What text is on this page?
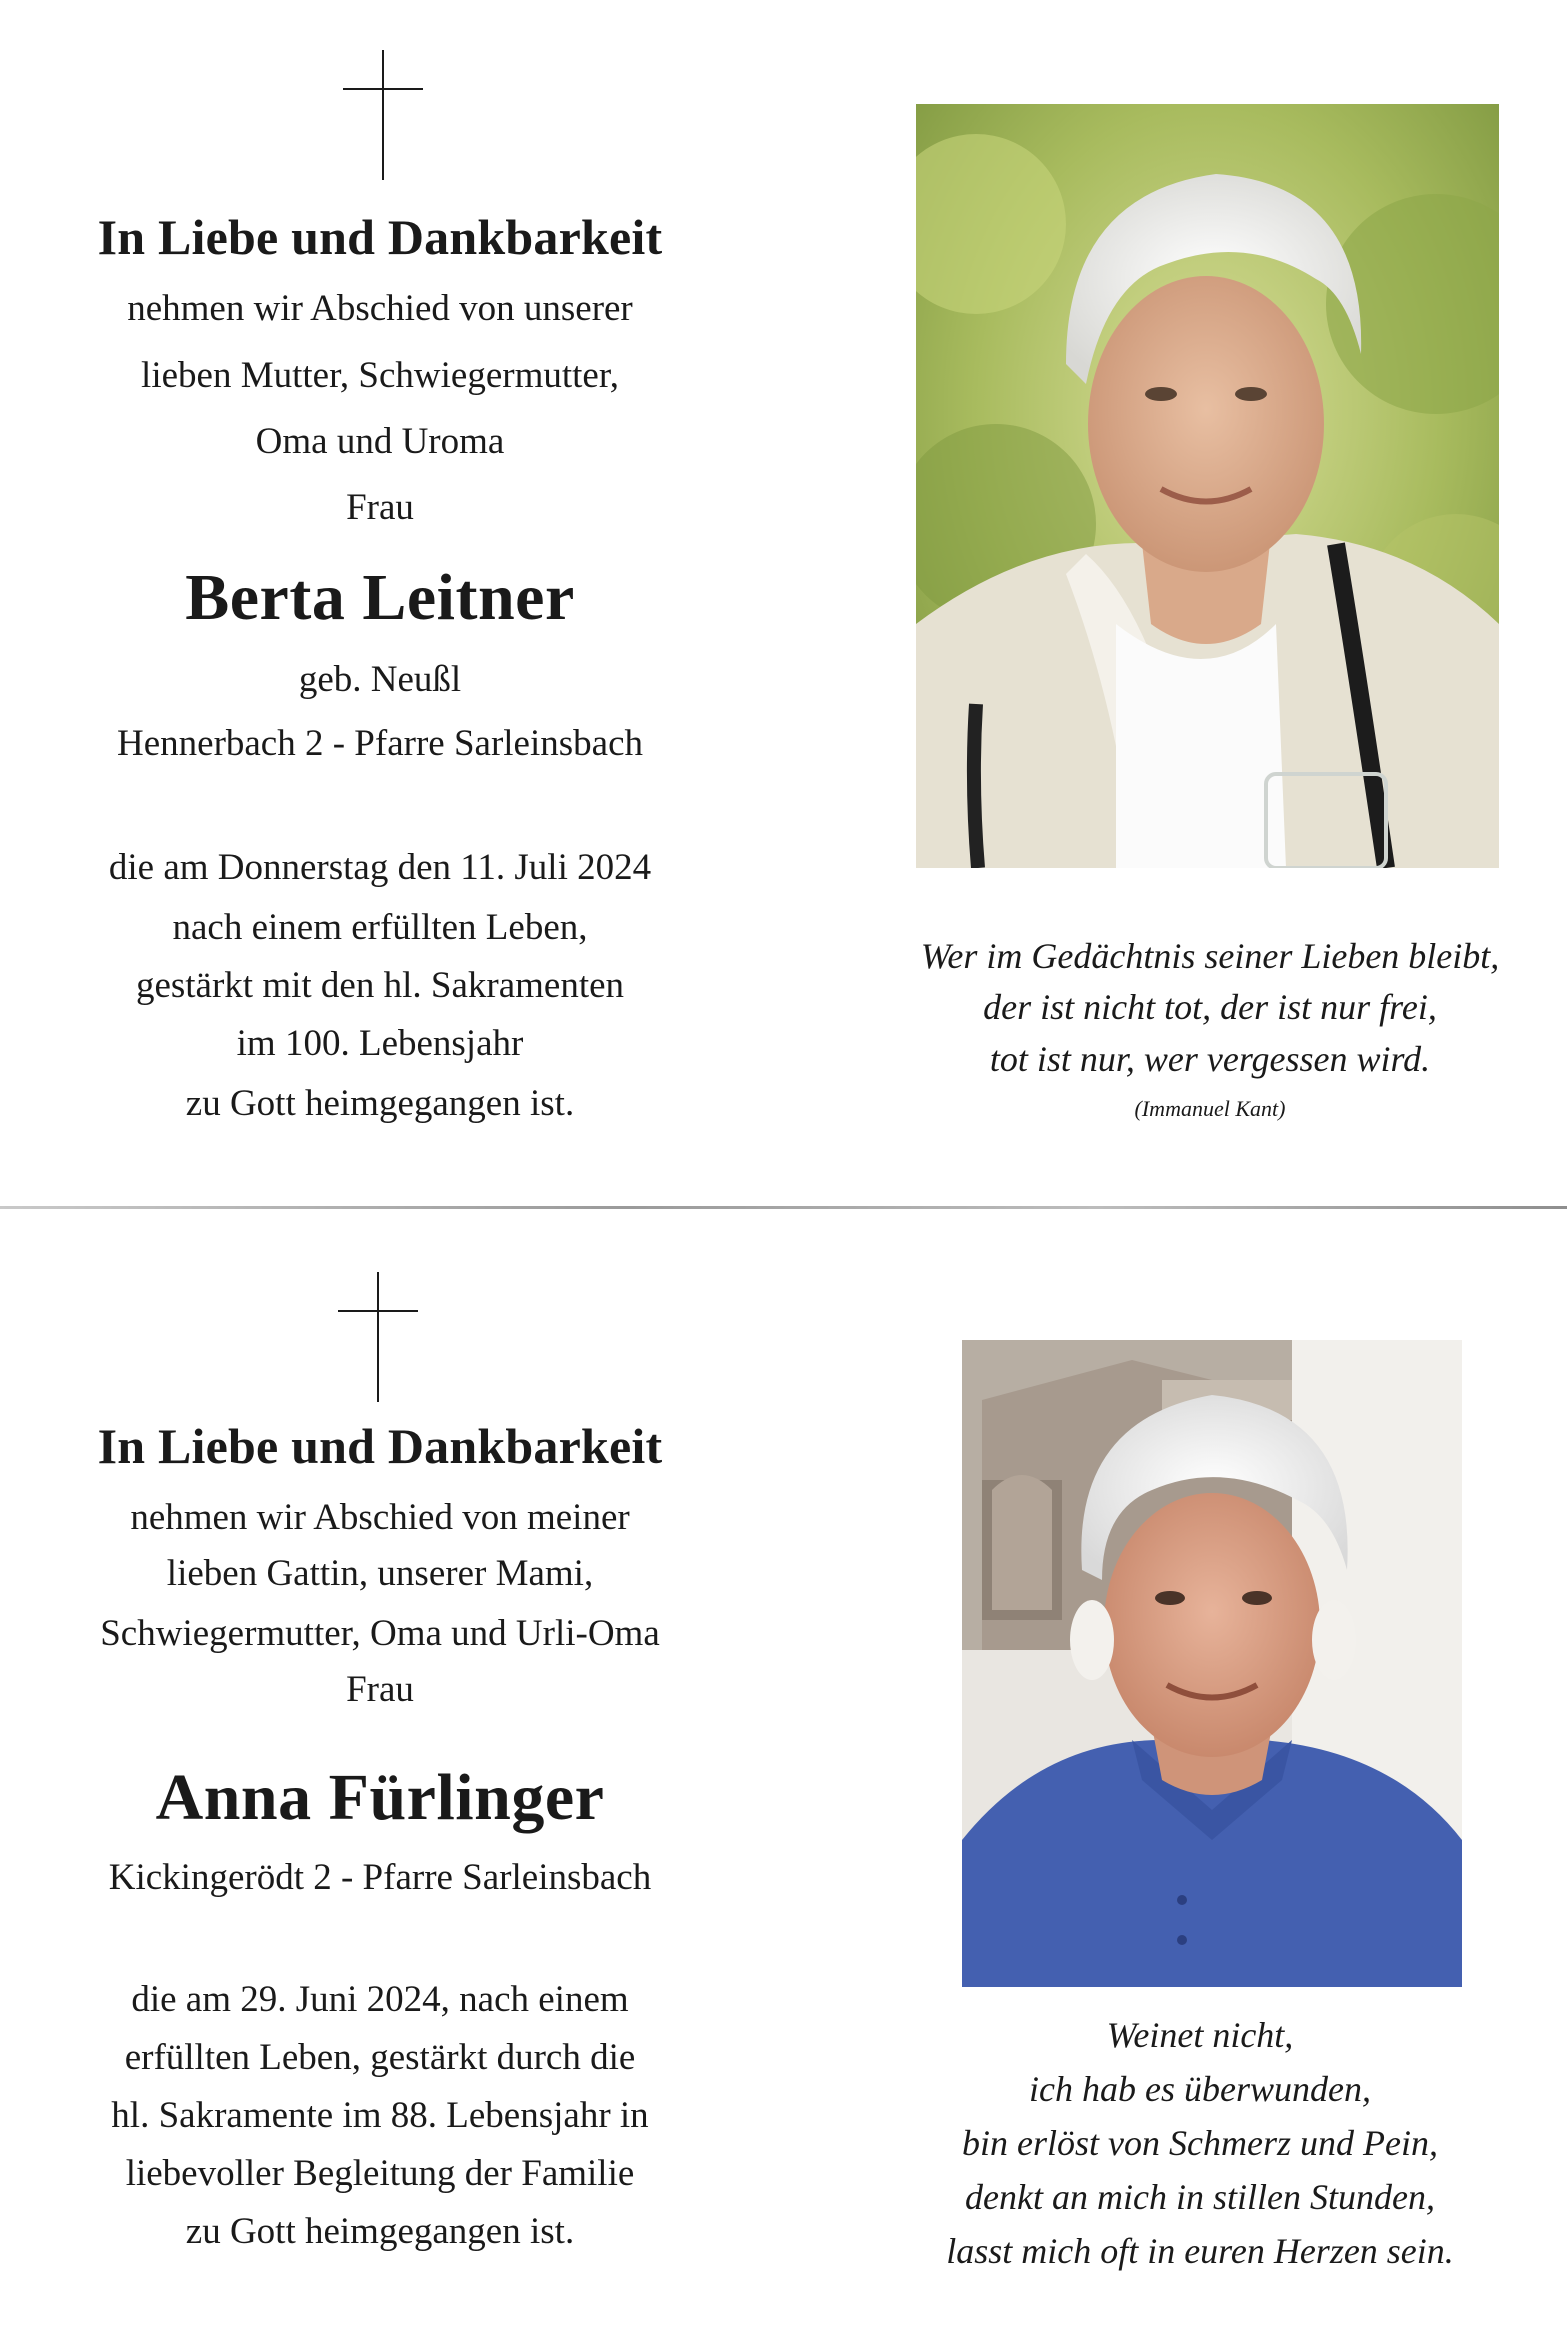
In Liebe und Dankbarkeit
nehmen wir Abschied von unserer
lieben Mutter, Schwiegermutter,
Oma und Uroma
Frau
Berta Leitner
geb. Neußl
Hennerbach 2 - Pfarre Sarleinsbach
die am Donnerstag den 11. Juli 2024
nach einem erfüllten Leben,
gestärkt mit den hl. Sakramenten
im 100. Lebensjahr
zu Gott heimgegangen ist.
Wer im Gedächtnis seiner Lieben bleibt,
der ist nicht tot, der ist nur frei,
tot ist nur, wer vergessen wird.
(Immanuel Kant)
In Liebe und Dankbarkeit
nehmen wir Abschied von meiner
lieben Gattin, unserer Mami,
Schwiegermutter, Oma und Urli-Oma
Frau
Anna Fürlinger
Kickingerödt 2 - Pfarre Sarleinsbach
die am 29. Juni 2024, nach einem
erfüllten Leben, gestärkt durch die
hl. Sakramente im 88. Lebensjahr in
liebevoller Begleitung der Familie
zu Gott heimgegangen ist.
Weinet nicht,
ich hab es überwunden,
bin erlöst von Schmerz und Pein,
denkt an mich in stillen Stunden,
lasst mich oft in euren Herzen sein.
